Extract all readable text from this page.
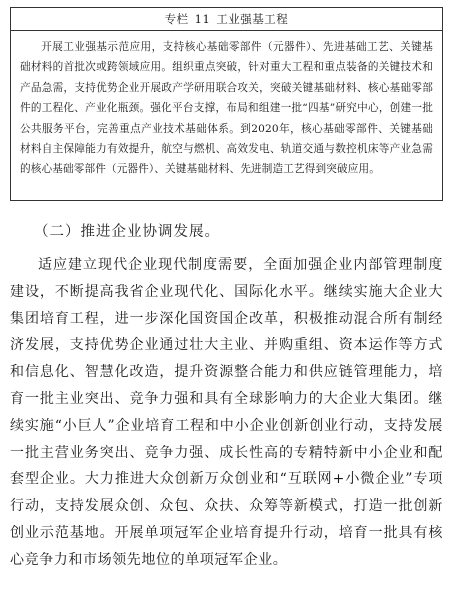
专栏 11 工业强基工程
开展工业强基示范应用，支持核心基础零部件（元器件）、先进基础工艺、关键基础材料的首批次或跨领域应用。组织重点突破，针对重大工程和重点装备的关键技术和产品急需，支持优势企业开展政产学研用联合攻关，突破关键基础材料、核心基础零部件的工程化、产业化瓶颈。强化平台支撑，布局和组建一批“四基”研究中心，创建一批公共服务平台，完善重点产业技术基础体系。到2020年，核心基础零部件、关键基础材料自主保障能力有效提升，航空与燃机、高效发电、轨道交通与数控机床等产业急需的核心基础零部件（元器件）、关键基础材料、先进制造工艺得到突破应用。
（二）推进企业协调发展。
适应建立现代企业现代制度需要，全面加强企业内部管理制度建设，不断提高我省企业现代化、国际化水平。继续实施大企业大集团培育工程，进一步深化国资国企改革，积极推动混合所有制经济发展，支持优势企业通过壮大主业、并购重组、资本运作等方式和信息化、智慧化改造，提升资源整合能力和供应链管理能力，培育一批主业突出、竞争力强和具有全球影响力的大企业大集团。继续实施“小巨人”企业培育工程和中小企业创新创业行动，支持发展一批主营业务突出、竞争力强、成长性高的专精特新中小企业和配套型企业。大力推进大众创新万众创业和“互联网+小微企业”专项行动，支持发展众创、众包、众扶、众筹等新模式，打造一批创新创业示范基地。开展单项冠军企业培育提升行动，培育一批具有核心竞争力和市场领先地位的单项冠军企业。
